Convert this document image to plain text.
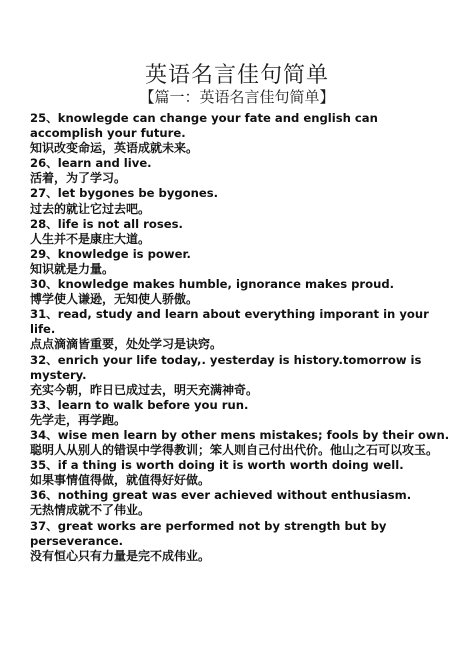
英语名言佳句简单
【篇一：英语名言佳句简单】
25、knowlegde can change your fate and english can accomplish your future.
知识改变命运，英语成就未来。
26、learn and live.
活着，为了学习。
27、let bygones be bygones.
过去的就让它过去吧。
28、life is not all roses.
人生并不是康庄大道。
29、knowledge is power.
知识就是力量。
30、knowledge makes humble, ignorance makes proud.
博学使人谦逊，无知使人骄傲。
31、read, study and learn about everything imporant in your life.
点点滴滴皆重要，处处学习是诀窍。
32、enrich your life today,. yesterday is history.tomorrow is mystery.
充实今朝，昨日已成过去，明天充满神奇。
33、learn to walk before you run.
先学走，再学跑。
34、wise men learn by other mens mistakes; fools by their own.
聪明人从别人的错误中学得教训；笨人则自己付出代价。他山之石可以攻玉。
35、if a thing is worth doing it is worth worth doing well.
如果事情值得做，就值得好好做。
36、nothing great was ever achieved without enthusiasm.
无热情成就不了伟业。
37、great works are performed not by strength but by perseverance.
没有恒心只有力量是完不成伟业。
